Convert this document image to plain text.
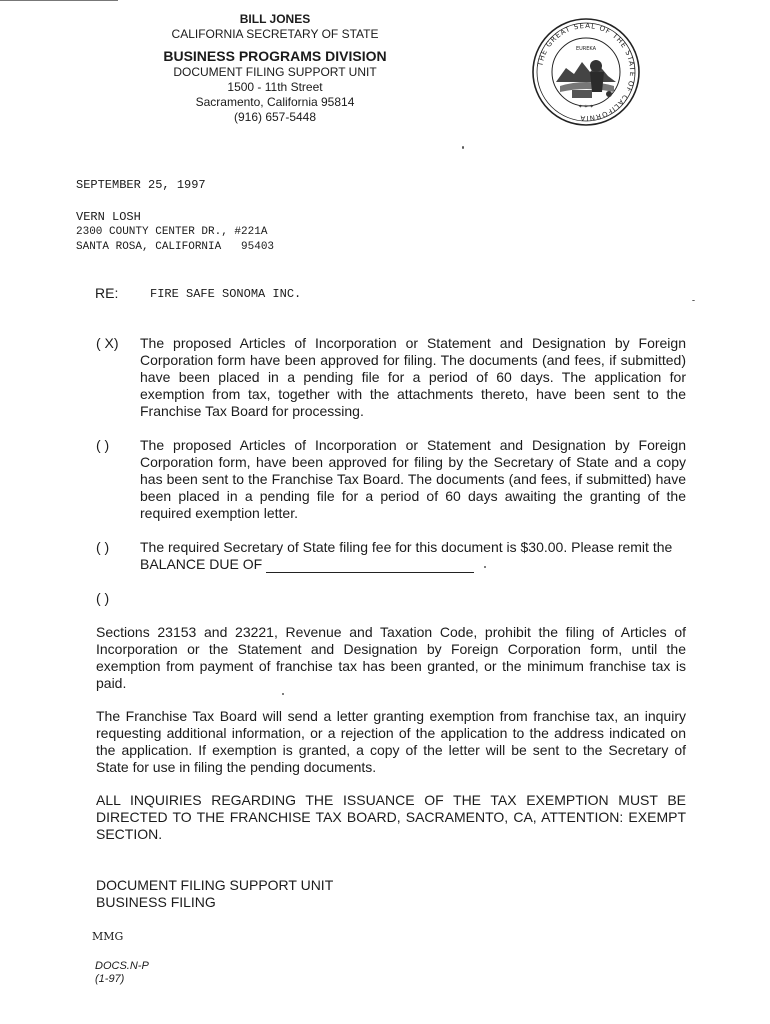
BILL JONES
CALIFORNIA SECRETARY OF STATE
BUSINESS PROGRAMS DIVISION
DOCUMENT FILING SUPPORT UNIT
1500 - 11th Street
Sacramento, California 95814
(916) 657-5448
THE GREAT SEAL OF THE STATE OF CALIFORNIA
EUREKA
✶ ✶ ✶
SEPTEMBER 25, 1997
VERN LOSH
2300 COUNTY CENTER DR., #221A
SANTA ROSA, CALIFORNIA   95403
RE:	FIRE SAFE SONOMA INC.
( X) The proposed Articles of Incorporation or Statement and Designation by Foreign Corporation form have been approved for filing. The documents (and fees, if submitted) have been placed in a pending file for a period of 60 days. The application for exemption from tax, together with the attachments thereto, have been sent to the Franchise Tax Board for processing.
( ) The proposed Articles of Incorporation or Statement and Designation by Foreign Corporation form, have been approved for filing by the Secretary of State and a copy has been sent to the Franchise Tax Board. The documents (and fees, if submitted) have been placed in a pending file for a period of 60 days awaiting the granting of the required exemption letter.
( ) The required Secretary of State filing fee for this document is $30.00. Please remit the
BALANCE DUE OF
( )
Sections 23153 and 23221, Revenue and Taxation Code, prohibit the filing of Articles of Incorporation or the Statement and Designation by Foreign Corporation form, until the exemption from payment of franchise tax has been granted, or the minimum franchise tax is paid.
The Franchise Tax Board will send a letter granting exemption from franchise tax, an inquiry requesting additional information, or a rejection of the application to the address indicated on the application. If exemption is granted, a copy of the letter will be sent to the Secretary of State for use in filing the pending documents.
ALL INQUIRIES REGARDING THE ISSUANCE OF THE TAX EXEMPTION MUST BE DIRECTED TO THE FRANCHISE TAX BOARD, SACRAMENTO, CA, ATTENTION: EXEMPT SECTION.
DOCUMENT FILING SUPPORT UNIT
BUSINESS FILING
MMG
DOCS.N-P
(1-97)
